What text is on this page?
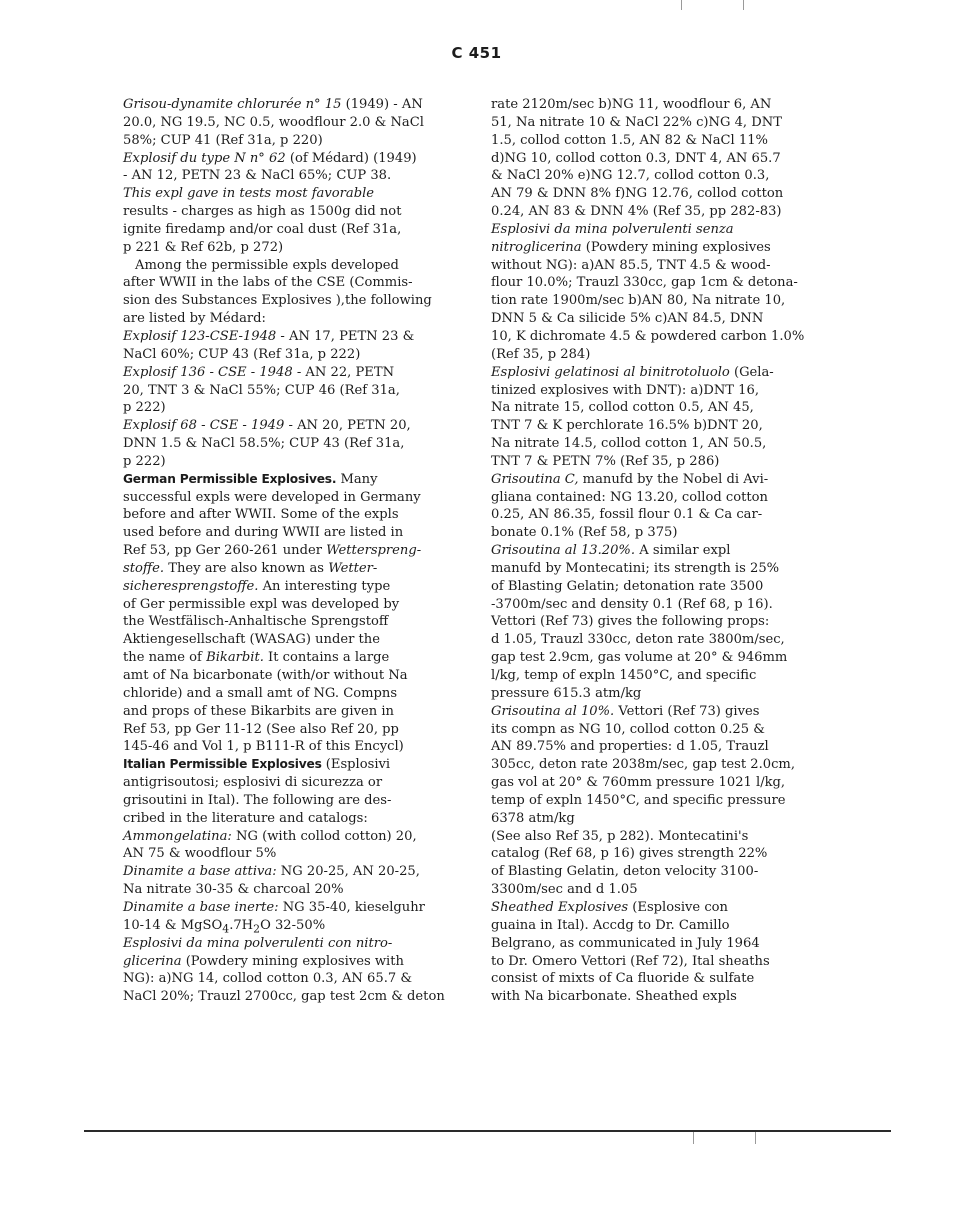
C 451
Grisou-dynamite chlorurée n° 15 (1949) - AN
20.0, NG 19.5, NC 0.5, woodflour 2.0 & NaCl
58%; CUP 41 (Ref 31a, p 220)
Explosif du type N n° 62 (of Médard) (1949)
- AN 12, PETN 23 & NaCl 65%; CUP 38.
This expl gave in tests most favorable
results - charges as high as 1500g did not
ignite firedamp and/or coal dust (Ref 31a,
p 221 & Ref 62b, p 272)
Among the permissible expls developed
after WWII in the labs of the CSE (Commis-
sion des Substances Explosives ),the following
are listed by Médard:
Explosif 123-CSE-1948 - AN 17, PETN 23 &
NaCl 60%; CUP 43 (Ref 31a, p 222)
Explosif 136 - CSE - 1948 - AN 22, PETN
20, TNT 3 & NaCl 55%; CUP 46 (Ref 31a,
p 222)
Explosif 68 - CSE - 1949 - AN 20, PETN 20,
DNN 1.5 & NaCl 58.5%; CUP 43 (Ref 31a,
p 222)
German Permissible Explosives. Many
successful expls were developed in Germany
before and after WWII. Some of the expls
used before and during WWII are listed in
Ref 53, pp Ger 260-261 under Wetterspreng-
stoffe. They are also known as Wetter-
sicheresprengstoffe. An interesting type
of Ger permissible expl was developed by
the Westfälisch-Anhaltische Sprengstoff
Aktiengesellschaft (WASAG) under the
the name of Bikarbit. It contains a large
amt of Na bicarbonate (with/or without Na
chloride) and a small amt of NG. Compns
and props of these Bikarbits are given in
Ref 53, pp Ger 11-12 (See also Ref 20, pp
145-46 and Vol 1, p B111-R of this Encycl)
Italian Permissible Explosives (Esplosivi
antigrisoutosi; esplosivi di sicurezza or
grisoutini in Ital). The following are des-
cribed in the literature and catalogs:
Ammongelatina: NG (with collod cotton) 20,
AN 75 & woodflour 5%
Dinamite a base attiva: NG 20-25, AN 20-25,
Na nitrate 30-35 & charcoal 20%
Dinamite a base inerte: NG 35-40, kieselguhr
10-14 & $MgSO_4.7H_2O$ 32-50%
Esplosivi da mina polverulenti con nitro-
glicerina (Powdery mining explosives with
NG): a)NG 14, collod cotton 0.3, AN 65.7 &
NaCl 20%; Trauzl 2700cc, gap test 2cm & deton
rate 2120m/sec b)NG 11, woodflour 6, AN
51, Na nitrate 10 & NaCl 22% c)NG 4, DNT
1.5, collod cotton 1.5, AN 82 & NaCl 11%
d)NG 10, collod cotton 0.3, DNT 4, AN 65.7
& NaCl 20% e)NG 12.7, collod cotton 0.3,
AN 79 & DNN 8% f)NG 12.76, collod cotton
0.24, AN 83 & DNN 4% (Ref 35, pp 282-83)
Esplosivi da mina polverulenti senza
nitroglicerina (Powdery mining explosives
without NG): a)AN 85.5, TNT 4.5 & wood-
flour 10.0%; Trauzl 330cc, gap 1cm & detona-
tion rate 1900m/sec b)AN 80, Na nitrate 10,
DNN 5 & Ca silicide 5% c)AN 84.5, DNN
10, K dichromate 4.5 & powdered carbon 1.0%
(Ref 35, p 284)
Esplosivi gelatinosi al binitrotoluolo (Gela-
tinized explosives with DNT): a)DNT 16,
Na nitrate 15, collod cotton 0.5, AN 45,
TNT 7 & K perchlorate 16.5% b)DNT 20,
Na nitrate 14.5, collod cotton 1, AN 50.5,
TNT 7 & PETN 7% (Ref 35, p 286)
Grisoutina C, manufd by the Nobel di Avi-
gliana contained: NG 13.20, collod cotton
0.25, AN 86.35, fossil flour 0.1 & Ca car-
bonate 0.1% (Ref 58, p 375)
Grisoutina al 13.20%. A similar expl
manufd by Montecatini; its strength is 25%
of Blasting Gelatin; detonation rate 3500
-3700m/sec and density 0.1 (Ref 68, p 16).
Vettori (Ref 73) gives the following props:
d 1.05, Trauzl 330cc, deton rate 3800m/sec,
gap test 2.9cm, gas volume at 20° & 946mm
l/kg, temp of expln 1450°C, and specific
pressure 615.3 atm/kg
Grisoutina al 10%. Vettori (Ref 73) gives
its compn as NG 10, collod cotton 0.25 &
AN 89.75% and properties: d 1.05, Trauzl
305cc, deton rate 2038m/sec, gap test 2.0cm,
gas vol at 20° & 760mm pressure 1021 l/kg,
temp of expln 1450°C, and specific pressure
6378 atm/kg
(See also Ref 35, p 282). Montecatini's
catalog (Ref 68, p 16) gives strength 22%
of Blasting Gelatin, deton velocity 3100-
3300m/sec and d 1.05
Sheathed Explosives (Esplosive con
guaina in Ital). Accdg to Dr. Camillo
Belgrano, as communicated in July 1964
to Dr. Omero Vettori (Ref 72), Ital sheaths
consist of mixts of Ca fluoride & sulfate
with Na bicarbonate. Sheathed expls
